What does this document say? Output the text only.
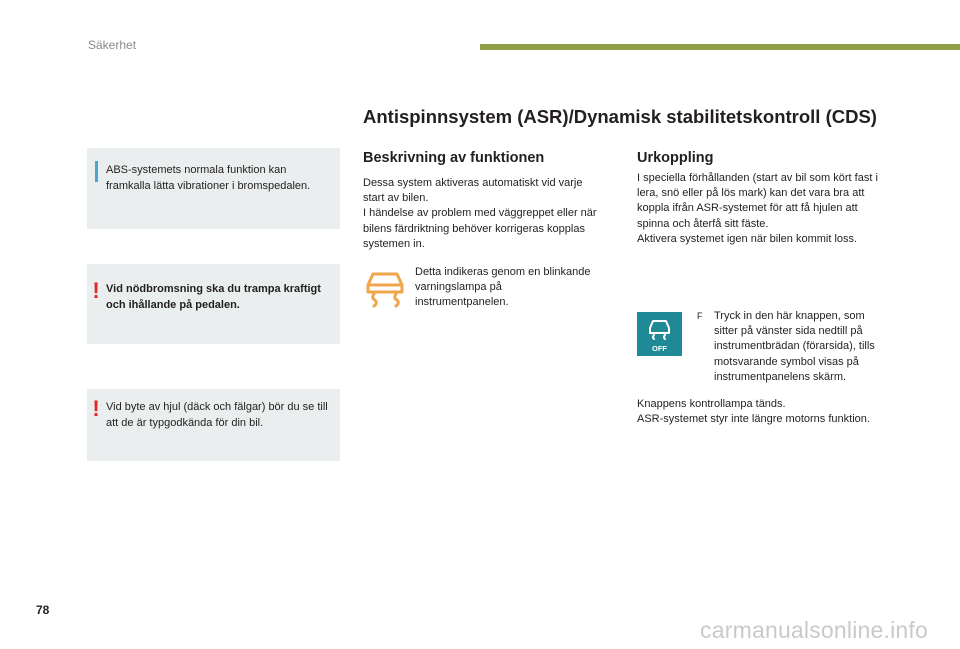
Säkerhet
ABS-systemets normala funktion kan framkalla lätta vibrationer i bromspedalen.
! Vid nödbromsning ska du trampa kraftigt och ihållande på pedalen.
! Vid byte av hjul (däck och fälgar) bör du se till att de är typgodkända för din bil.
Antispinnsystem (ASR)/Dynamisk stabilitetskontroll (CDS)
Beskrivning av funktionen
Dessa system aktiveras automatiskt vid varje start av bilen.
I händelse av problem med väggreppet eller när bilens färdriktning behöver korrigeras kopplas systemen in.
Detta indikeras genom en blinkande varningslampa på instrumentpanelen.
Urkoppling
I speciella förhållanden (start av bil som kört fast i lera, snö eller på lös mark) kan det vara bra att koppla ifrån ASR-systemet för att få hjulen att spinna och återfå sitt fäste.
Aktivera systemet igen när bilen kommit loss.
OFF
F Tryck in den här knappen, som sitter på vänster sida nedtill på instrumentbrädan (förarsida), tills motsvarande symbol visas på instrumentpanelens skärm.
Knappens kontrollampa tänds.
ASR-systemet styr inte längre motorns funktion.
78
carmanualsonline.info
